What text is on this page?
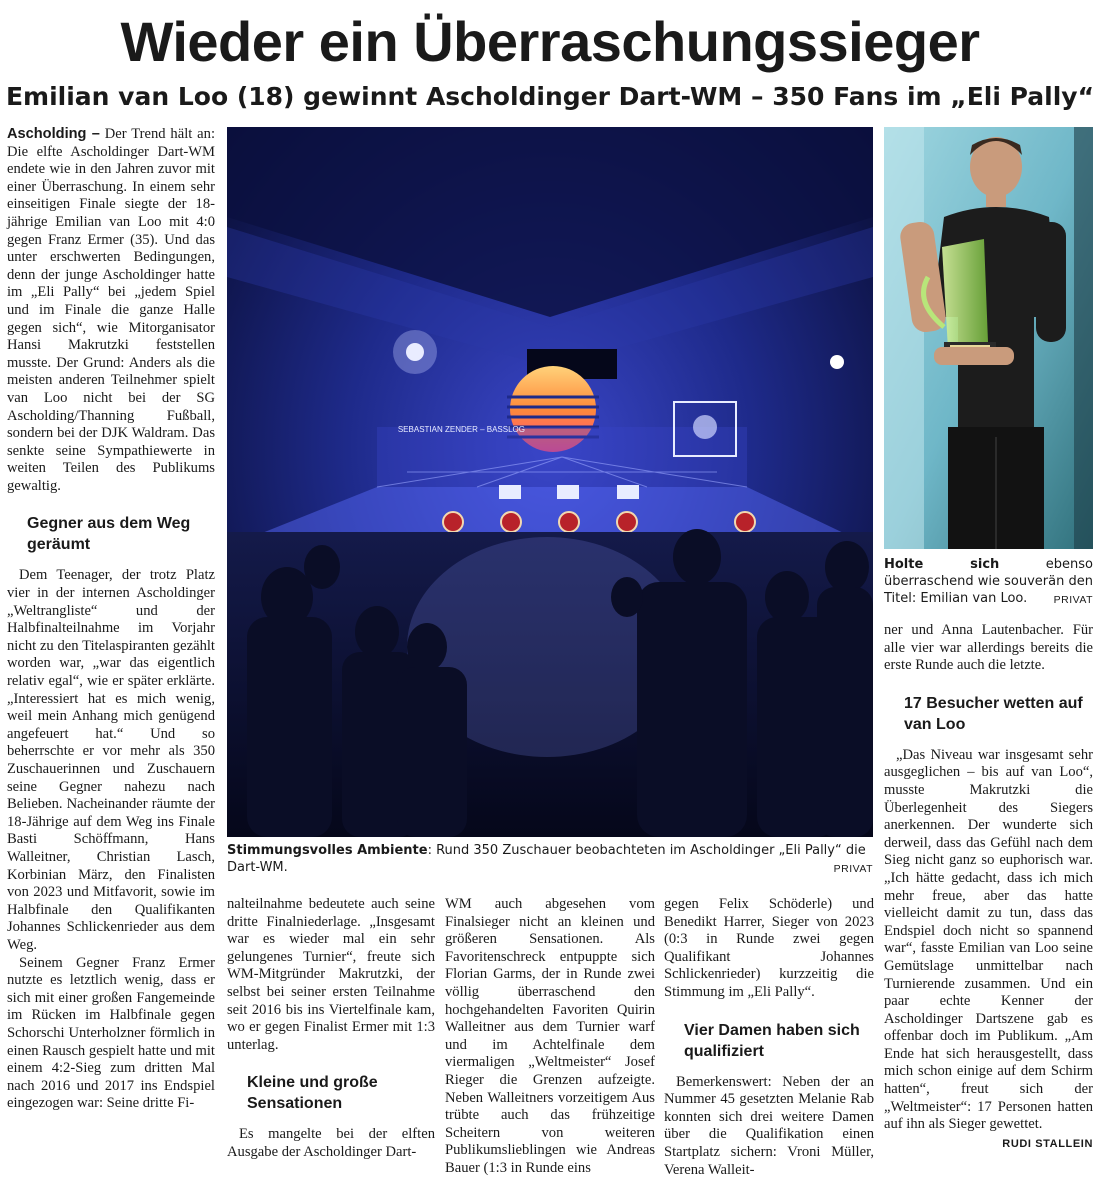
Wieder ein Überraschungssieger
Emilian van Loo (18) gewinnt Ascholdinger Dart-WM – 350 Fans im „Eli Pally“

Ascholding – Der Trend hält an: Die elfte Ascholdinger Dart-WM endete wie in den Jahren zuvor mit einer Überraschung. In einem sehr einseitigen Finale siegte der 18-jährige Emilian van Loo mit 4:0 gegen Franz Ermer (35). Und das unter erschwerten Bedingungen, denn der junge Ascholdinger hatte im „Eli Pally“ bei „jedem Spiel und im Finale die ganze Halle gegen sich“, wie Mitorganisator Hansi Makrutzki feststellen musste. Der Grund: Anders als die meisten anderen Teilnehmer spielt van Loo nicht bei der SG Ascholding/Thanning Fußball, sondern bei der DJK Waldram. Das senkte seine Sympathiewerte in weiten Teilen des Publikums gewaltig.

Gegner aus dem Weg geräumt

Dem Teenager, der trotz Platz vier in der internen Ascholdinger „Weltrangliste“ und der Halbfinalteilnahme im Vorjahr nicht zu den Titelaspiranten gezählt worden war, „war das eigentlich relativ egal“, wie er später erklärte. „Interessiert hat es mich wenig, weil mein Anhang mich genügend angefeuert hat.“ Und so beherrschte er vor mehr als 350 Zuschauerinnen und Zuschauern seine Gegner nahezu nach Belieben. Nacheinander räumte der 18-Jährige auf dem Weg ins Finale Basti Schöffmann, Hans Walleitner, Christian Lasch, Korbinian März, den Finalisten von 2023 und Mitfavorit, sowie im Halbfinale den Qualifikanten Johannes Schlickenrieder aus dem Weg.

Seinem Gegner Franz Ermer nutzte es letztlich wenig, dass er sich mit einer großen Fangemeinde im Rücken im Halbfinale gegen Schorschi Unterholzner förmlich in einen Rausch gespielt hatte und mit einem 4:2-Sieg zum dritten Mal nach 2016 und 2017 ins Endspiel eingezogen war: Seine dritte Fi-

SEBASTIAN ZENDER – BASSLOG
Stimmungsvolles Ambiente: Rund 350 Zuschauer beobachteten im Ascholdinger „Eli Pally“ die Dart-WM.	PRIVAT
Holte sich ebenso überraschend wie souverän den Titel: Emilian van Loo.	PRIVAT

nalteilnahme bedeutete auch seine dritte Finalniederlage. „Insgesamt war es wieder mal ein sehr gelungenes Turnier“, freute sich WM-Mitgründer Makrutzki, der selbst bei seiner ersten Teilnahme seit 2016 bis ins Viertelfinale kam, wo er gegen Finalist Ermer mit 1:3 unterlag.

Kleine und große Sensationen

Es mangelte bei der elften Ausgabe der Ascholdinger Dart-

WM auch abgesehen vom Finalsieger nicht an kleinen und größeren Sensationen. Als Favoritenschreck entpuppte sich Florian Garms, der in Runde zwei völlig überraschend den hochgehandelten Favoriten Quirin Walleitner aus dem Turnier warf und im Achtelfinale dem viermaligen „Weltmeister“ Josef Rieger die Grenzen aufzeigte. Neben Walleitners vorzeitigem Aus trübte auch das frühzeitige Scheitern von weiteren Publikumslieblingen wie Andreas Bauer (1:3 in Runde eins

gegen Felix Schöderle) und Benedikt Harrer, Sieger von 2023 (0:3 in Runde zwei gegen Qualifikant Johannes Schlickenrieder) kurzzeitig die Stimmung im „Eli Pally“.

Vier Damen haben sich qualifiziert

Bemerkenswert: Neben der an Nummer 45 gesetzten Melanie Rab konnten sich drei weitere Damen über die Qualifikation einen Startplatz sichern: Vroni Müller, Verena Walleit-

ner und Anna Lautenbacher. Für alle vier war allerdings bereits die erste Runde auch die letzte.

17 Besucher wetten auf van Loo

„Das Niveau war insgesamt sehr ausgeglichen – bis auf van Loo“, musste Makrutzki die Überlegenheit des Siegers anerkennen. Der wunderte sich derweil, dass das Gefühl nach dem Sieg nicht ganz so euphorisch war. „Ich hätte gedacht, dass ich mich mehr freue, aber das hatte vielleicht damit zu tun, dass das Endspiel doch nicht so spannend war“, fasste Emilian van Loo seine Gemütslage unmittelbar nach Turnierende zusammen. Und ein paar echte Kenner der Ascholdinger Dartszene gab es offenbar doch im Publikum. „Am Ende hat sich herausgestellt, dass mich schon einige auf dem Schirm hatten“, freut sich der „Weltmeister“: 17 Personen hatten auf ihn als Sieger gewettet.
RUDI STALLEIN
